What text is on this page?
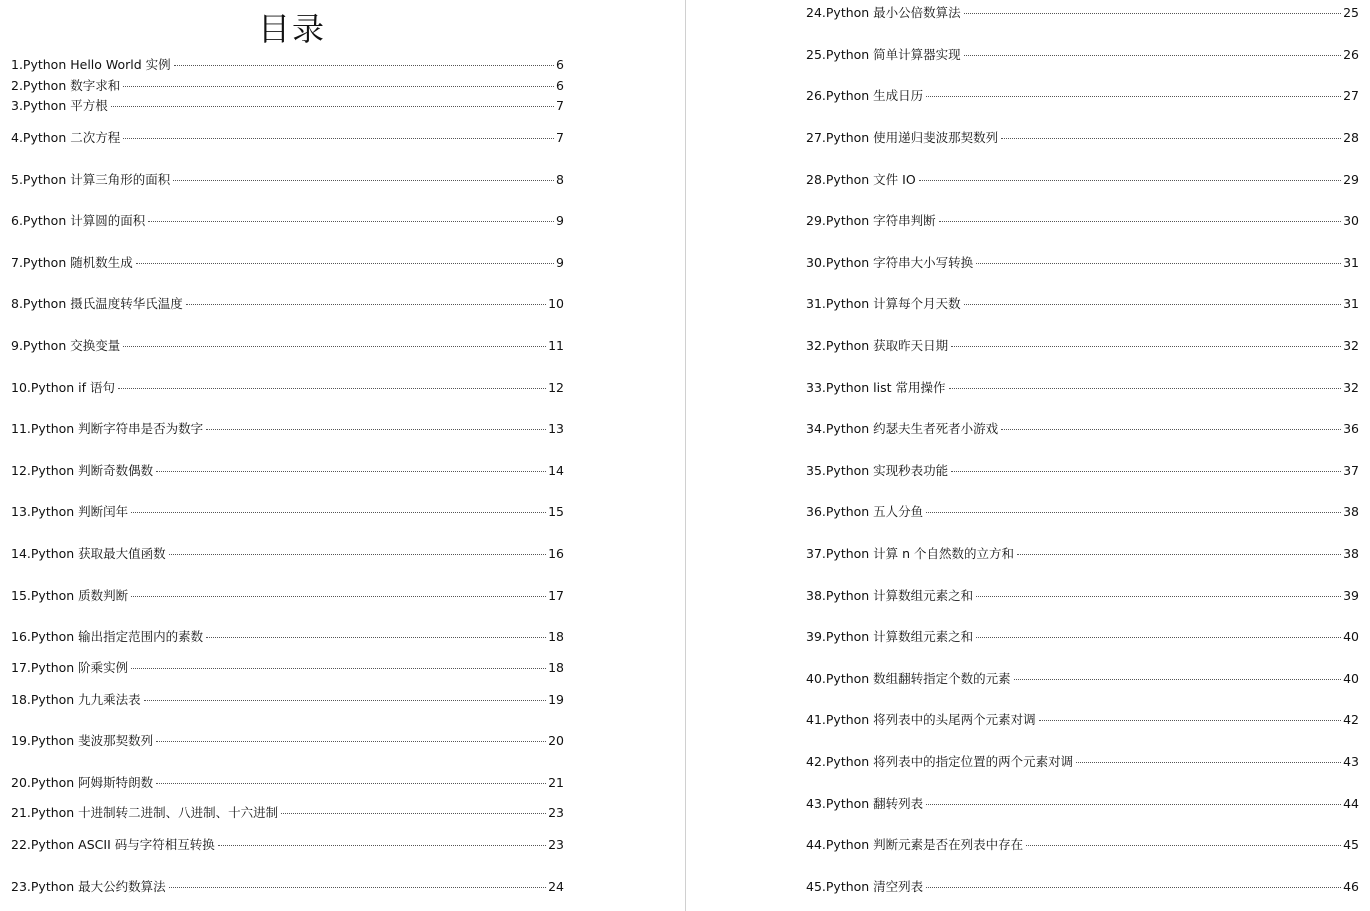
目录
1.Python Hello World 实例	6
2.Python 数字求和	6
3.Python 平方根	7
4.Python 二次方程	7
5.Python 计算三角形的面积	8
6.Python 计算圆的面积	9
7.Python 随机数生成	9
8.Python 摄氏温度转华氏温度	10
9.Python 交换变量	11
10.Python if 语句	12
11.Python 判断字符串是否为数字	13
12.Python 判断奇数偶数	14
13.Python 判断闰年	15
14.Python 获取最大值函数	16
15.Python 质数判断	17
16.Python 输出指定范围内的素数	18
17.Python 阶乘实例	18
18.Python 九九乘法表	19
19.Python 斐波那契数列	20
20.Python 阿姆斯特朗数	21
21.Python 十进制转二进制、八进制、十六进制	23
22.Python ASCII 码与字符相互转换	23
23.Python 最大公约数算法	24
24.Python 最小公倍数算法	25
25.Python 简单计算器实现	26
26.Python 生成日历	27
27.Python 使用递归斐波那契数列	28
28.Python 文件 IO	29
29.Python 字符串判断	30
30.Python 字符串大小写转换	31
31.Python 计算每个月天数	31
32.Python 获取昨天日期	32
33.Python list 常用操作	32
34.Python 约瑟夫生者死者小游戏	36
35.Python 实现秒表功能	37
36.Python 五人分鱼	38
37.Python 计算 n 个自然数的立方和	38
38.Python 计算数组元素之和	39
39.Python 计算数组元素之和	40
40.Python 数组翻转指定个数的元素	40
41.Python 将列表中的头尾两个元素对调	42
42.Python 将列表中的指定位置的两个元素对调	43
43.Python 翻转列表	44
44.Python 判断元素是否在列表中存在	45
45.Python 清空列表	46
